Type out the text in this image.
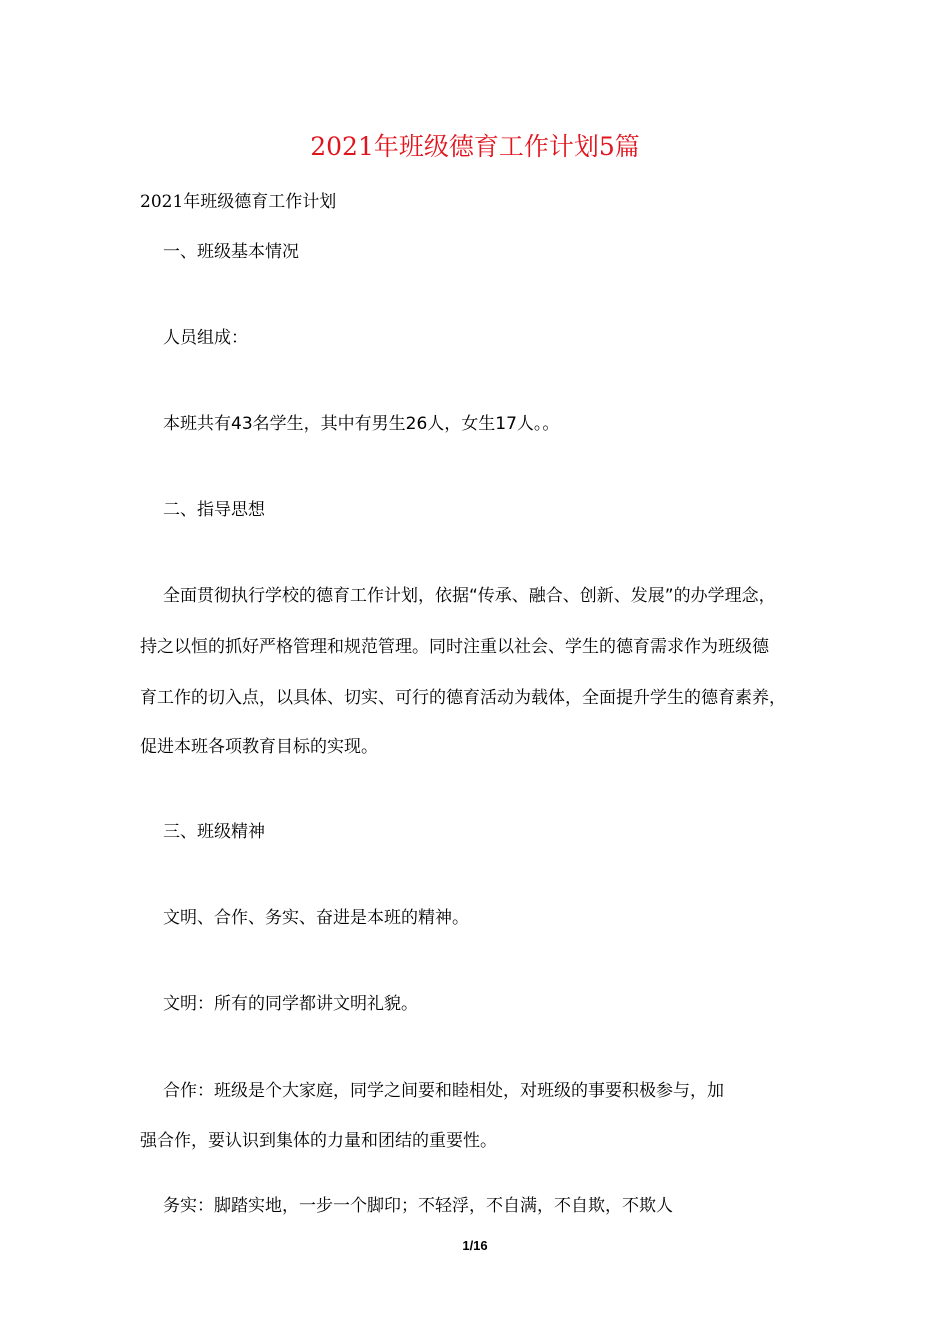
2021年班级德育工作计划5篇
2021年班级德育工作计划
一、班级基本情况
人员组成：
本班共有43名学生，其中有男生26人，女生17人。。
二、指导思想
全面贯彻执行学校的德育工作计划，依据“传承、融合、创新、发展”的办学理念，
持之以恒的抓好严格管理和规范管理。同时注重以社会、学生的德育需求作为班级德
育工作的切入点，以具体、切实、可行的德育活动为载体，全面提升学生的德育素养，
促进本班各项教育目标的实现。
三、班级精神
文明、合作、务实、奋进是本班的精神。
文明：所有的同学都讲文明礼貌。
合作：班级是个大家庭，同学之间要和睦相处，对班级的事要积极参与，加
强合作，要认识到集体的力量和团结的重要性。
务实：脚踏实地，一步一个脚印；不轻浮，不自满，不自欺，不欺人
1/16
